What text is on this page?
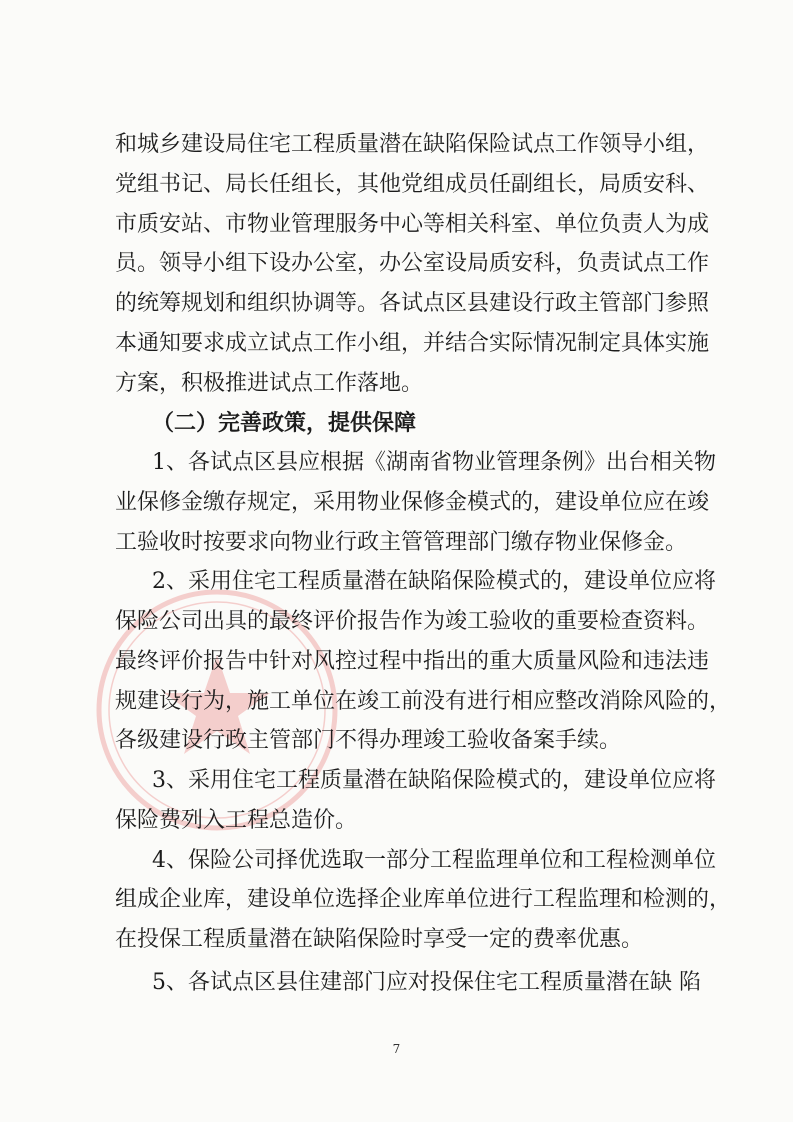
和城乡建设局住宅工程质量潜在缺陷保险试点工作领导小组，
党组书记、局长任组长，其他党组成员任副组长，局质安科、
市质安站、市物业管理服务中心等相关科室、单位负责人为成
员。领导小组下设办公室，办公室设局质安科，负责试点工作
的统筹规划和组织协调等。各试点区县建设行政主管部门参照
本通知要求成立试点工作小组，并结合实际情况制定具体实施
方案，积极推进试点工作落地。
（二）完善政策，提供保障
1、各试点区县应根据《湖南省物业管理条例》出台相关物
业保修金缴存规定，采用物业保修金模式的，建设单位应在竣
工验收时按要求向物业行政主管管理部门缴存物业保修金。
2、采用住宅工程质量潜在缺陷保险模式的，建设单位应将
保险公司出具的最终评价报告作为竣工验收的重要检查资料。
最终评价报告中针对风控过程中指出的重大质量风险和违法违
规建设行为，施工单位在竣工前没有进行相应整改消除风险的，
各级建设行政主管部门不得办理竣工验收备案手续。
3、采用住宅工程质量潜在缺陷保险模式的，建设单位应将
保险费列入工程总造价。
4、保险公司择优选取一部分工程监理单位和工程检测单位
组成企业库，建设单位选择企业库单位进行工程监理和检测的，
在投保工程质量潜在缺陷保险时享受一定的费率优惠。
7
5、各试点区县住建部门应对投保住宅工程质量潜在缺 陷
